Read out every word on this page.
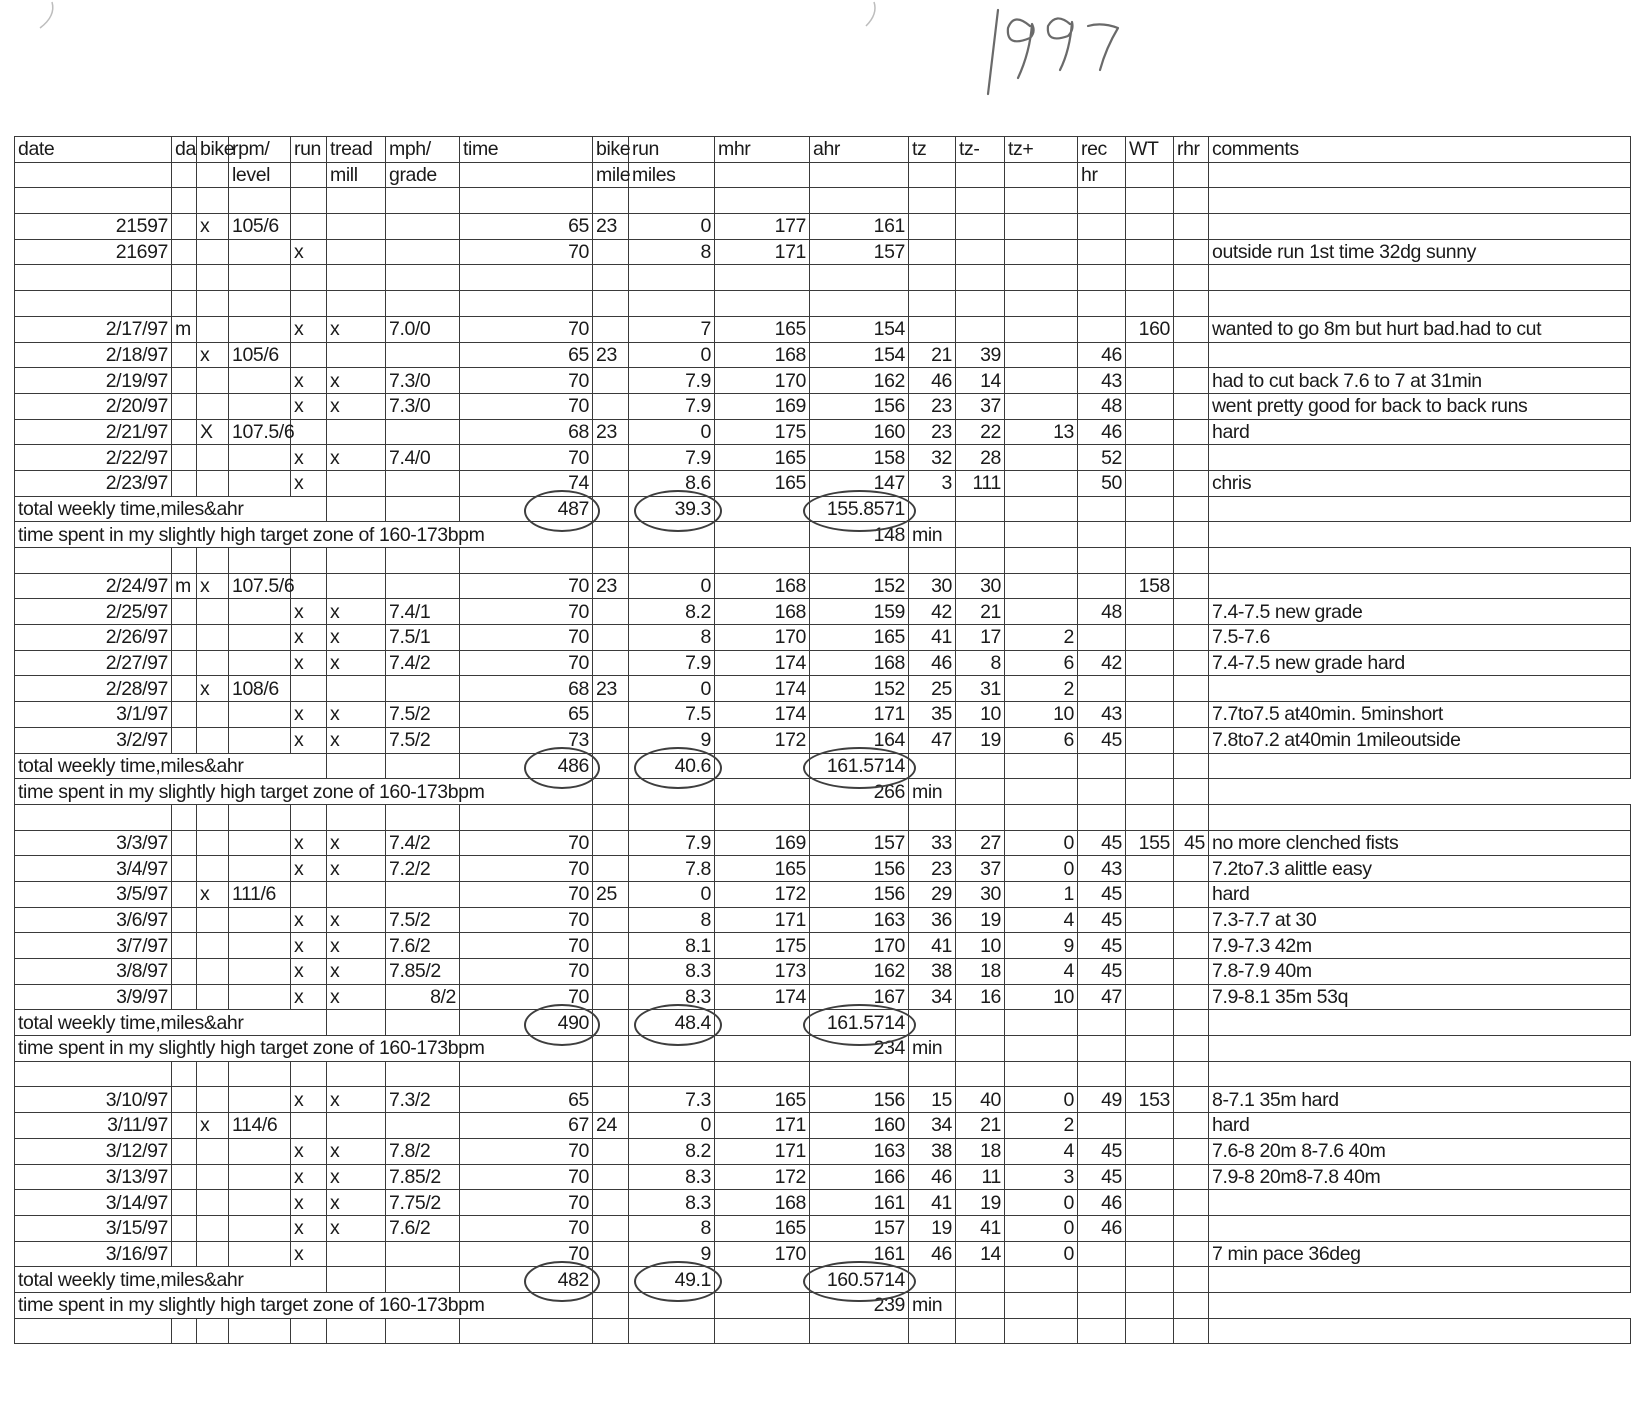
date	da	bike	rpm/	run	tread	mph/	time	bike	run	mhr	ahr	tz	tz-	tz+	rec	WT	rhr	comments
			level		mill	grade		mile	miles						hr			

21597		x	105/6				65	23	0	177	161							
21697				x			70		8	171	157							outside run 1st time 32dg sunny

2/17/97	m			x	x	7.0/0	70		7	165	154					160		wanted to go 8m but hurt bad.had to cut
2/18/97		x	105/6				65	23	0	168	154	21	39		46			
2/19/97				x	x	7.3/0	70		7.9	170	162	46	14		43			had to cut back 7.6 to 7 at 31min
2/20/97				x	x	7.3/0	70		7.9	169	156	23	37		48			went pretty good for back to back runs
2/21/97		X	107.5/6				68	23	0	175	160	23	22	13	46			hard
2/22/97				x	x	7.4/0	70		7.9	165	158	32	28		52			
2/23/97				x			74		8.6	165	147	3	111		50			chris
total weekly time,miles&ahr							487		39.3		155.8571							
time spent in my slightly high target zone of 160-173bpm											148	min						

2/24/97	m	x	107.5/6				70	23	0	168	152	30	30			158		
2/25/97				x	x	7.4/1	70		8.2	168	159	42	21		48			7.4-7.5 new grade
2/26/97				x	x	7.5/1	70		8	170	165	41	17	2				7.5-7.6
2/27/97				x	x	7.4/2	70		7.9	174	168	46	8	6	42			7.4-7.5 new grade hard
2/28/97		x	108/6				68	23	0	174	152	25	31	2				
3/1/97				x	x	7.5/2	65		7.5	174	171	35	10	10	43			7.7to7.5 at40min. 5minshort
3/2/97				x	x	7.5/2	73		9	172	164	47	19	6	45			7.8to7.2 at40min 1mileoutside
total weekly time,miles&ahr							486		40.6		161.5714							
time spent in my slightly high target zone of 160-173bpm											266	min						

3/3/97				x	x	7.4/2	70		7.9	169	157	33	27	0	45	155	45	no more clenched fists
3/4/97				x	x	7.2/2	70		7.8	165	156	23	37	0	43			7.2to7.3 alittle easy
3/5/97		x	111/6				70	25	0	172	156	29	30	1	45			hard
3/6/97				x	x	7.5/2	70		8	171	163	36	19	4	45			7.3-7.7 at 30
3/7/97				x	x	7.6/2	70		8.1	175	170	41	10	9	45			7.9-7.3 42m
3/8/97				x	x	7.85/2	70		8.3	173	162	38	18	4	45			7.8-7.9 40m
3/9/97				x	x	8/2	70		8.3	174	167	34	16	10	47			7.9-8.1 35m 53q
total weekly time,miles&ahr							490		48.4		161.5714							
time spent in my slightly high target zone of 160-173bpm											234	min						

3/10/97				x	x	7.3/2	65		7.3	165	156	15	40	0	49	153		8-7.1 35m hard
3/11/97		x	114/6				67	24	0	171	160	34	21	2				hard
3/12/97				x	x	7.8/2	70		8.2	171	163	38	18	4	45			7.6-8 20m 8-7.6 40m
3/13/97				x	x	7.85/2	70		8.3	172	166	46	11	3	45			7.9-8 20m8-7.8 40m
3/14/97				x	x	7.75/2	70		8.3	168	161	41	19	0	46			
3/15/97				x	x	7.6/2	70		8	165	157	19	41	0	46			
3/16/97				x			70		9	170	161	46	14	0				7 min pace 36deg
total weekly time,miles&ahr							482		49.1		160.5714							
time spent in my slightly high target zone of 160-173bpm											239	min						
